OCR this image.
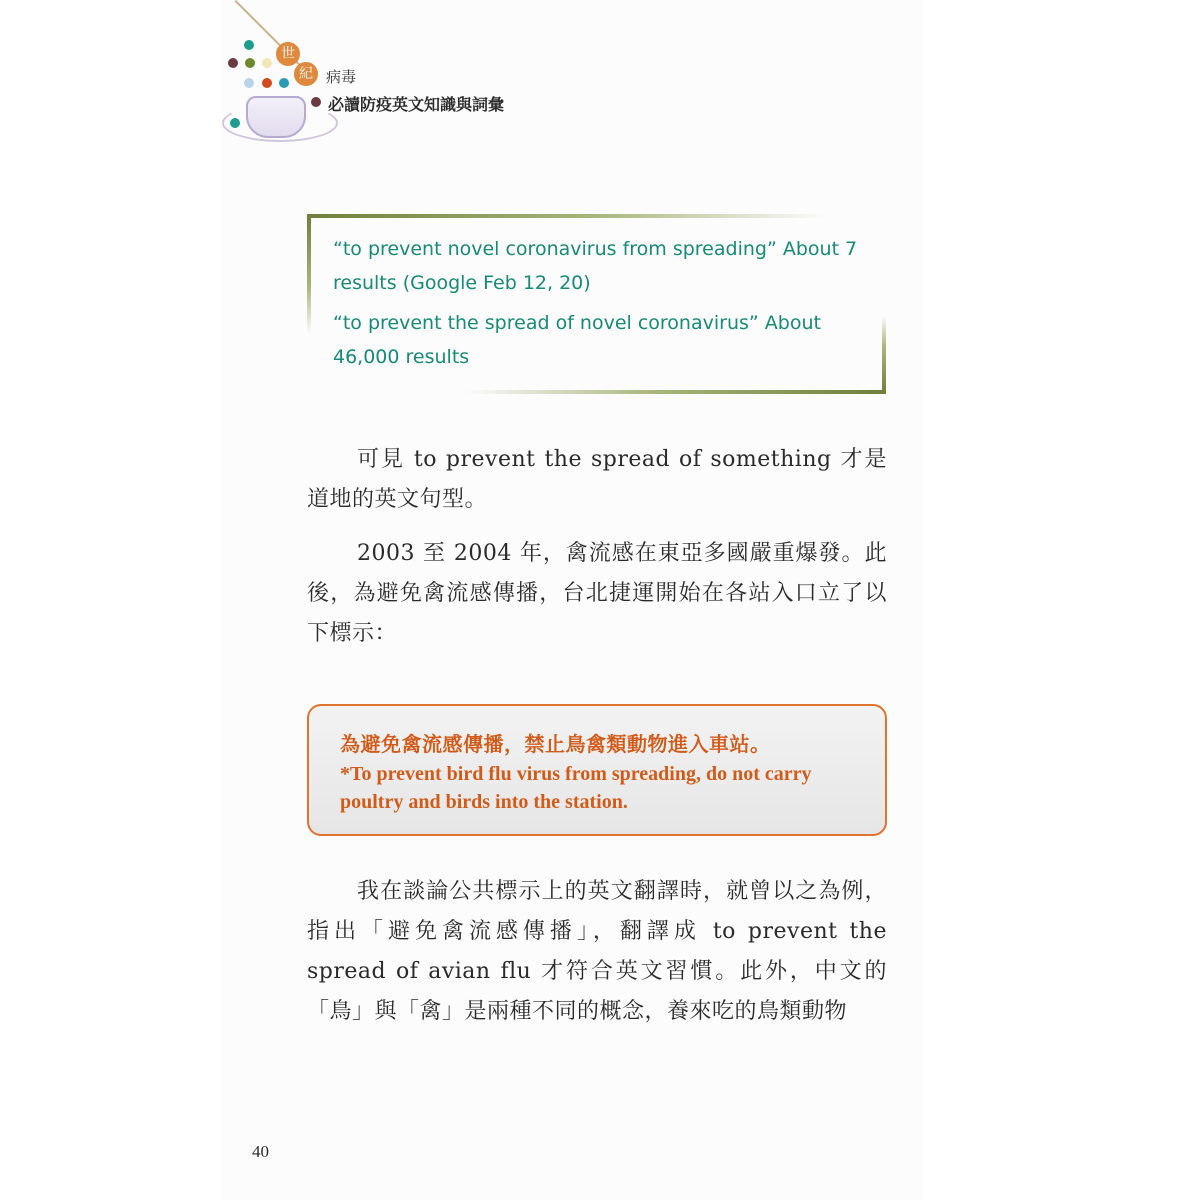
世
紀 病毒
必讀防疫英文知識與詞彙
“to prevent novel coronavirus from spreading” About 7 results (Google Feb 12, 20)
“to prevent the spread of novel coronavirus” About 46,000 results
可見 to prevent the spread of something 才是道地的英文句型。
2003 至 2004 年，禽流感在東亞多國嚴重爆發。此後，為避免禽流感傳播，台北捷運開始在各站入口立了以下標示：
為避免禽流感傳播，禁止鳥禽類動物進入車站。
*To prevent bird flu virus from spreading, do not carry poultry and birds into the station.
我在談論公共標示上的英文翻譯時，就曾以之為例，指出「避免禽流感傳播」，翻譯成 to prevent the spread of avian flu 才符合英文習慣。此外，中文的「鳥」與「禽」是兩種不同的概念，養來吃的鳥類動物
40
